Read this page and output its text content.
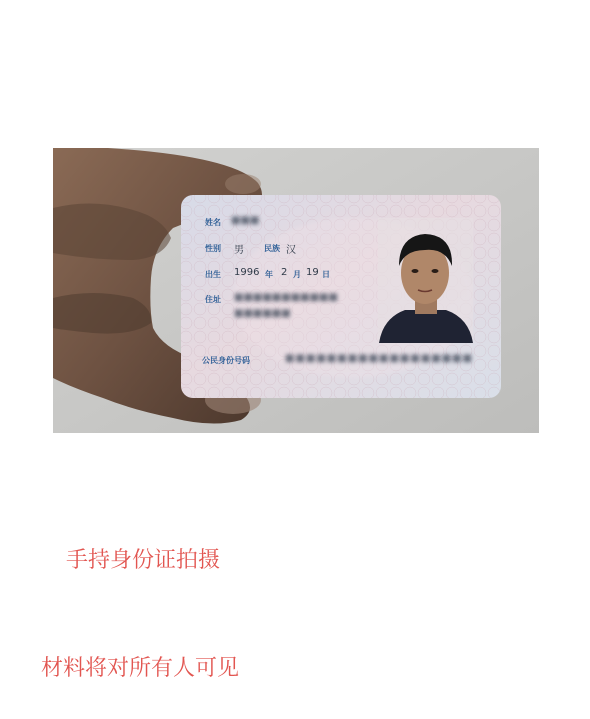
姓名 ■■■
性别 男	民族 汉
出生 1996 年 2 月 19 日
住址 ■■■■■■■■■■■
■■■■■■
公民身份号码	■■■■■■■■■■■■■■■■■■
手持身份证拍摄
材料将对所有人可见
